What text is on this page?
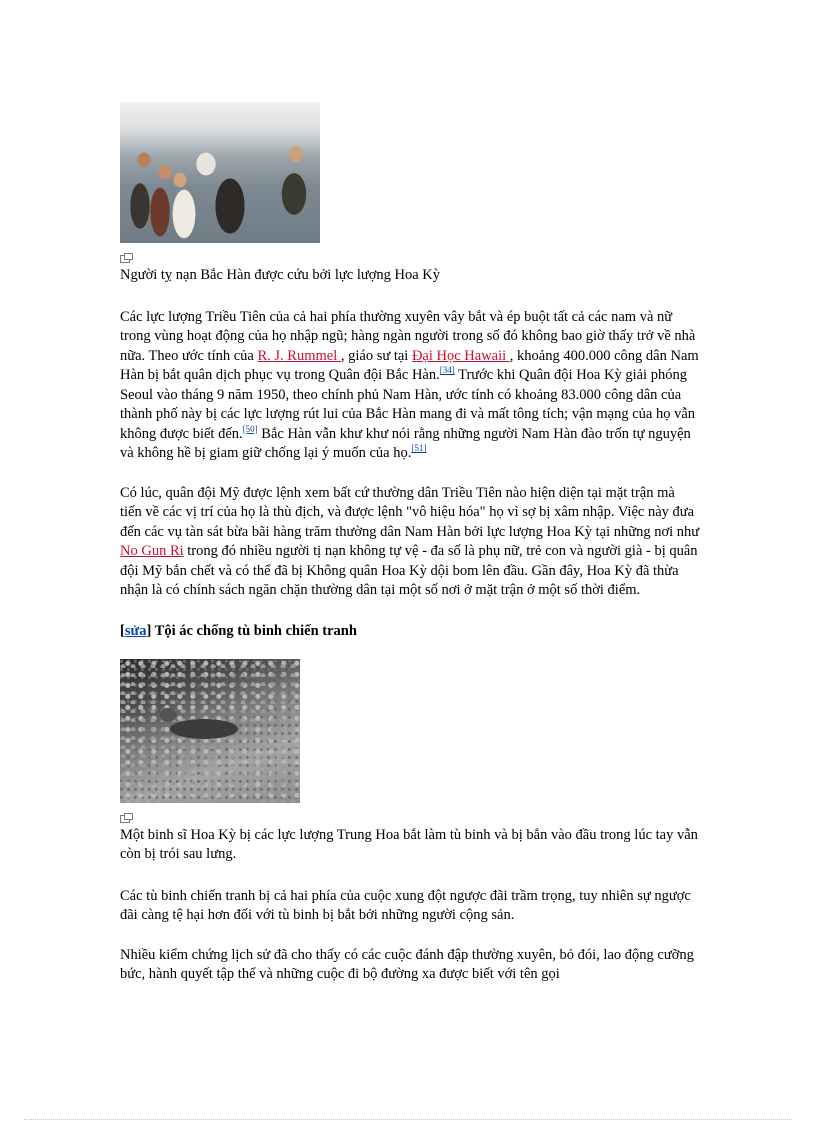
Người tỵ nạn Bắc Hàn được cứu bởi lực lượng Hoa Kỳ

Các lực lượng Triều Tiên của cả hai phía thường xuyên vây bắt và ép buột tất cả các nam và nữ trong vùng hoạt động của họ nhập ngũ; hàng ngàn người trong số đó không bao giờ thấy trở về nhà nữa. Theo ước tính của R. J. Rummel , giáo sư tại Đại Học Hawaii , khoảng 400.000 công dân Nam Hàn bị bắt quân dịch phục vụ trong Quân đội Bắc Hàn.[34] Trước khi Quân đội Hoa Kỳ giải phóng Seoul vào tháng 9 năm 1950, theo chính phủ Nam Hàn, ước tính có khoảng 83.000 công dân của thành phố này bị các lực lượng rút lui của Bắc Hàn mang đi và mất tông tích; vận mạng của họ vẫn không được biết đến.[50] Bắc Hàn vẫn khư khư nói rằng những người Nam Hàn đào trốn tự nguyện và không hề bị giam giữ chống lại ý muốn của họ.[51]

Có lúc, quân đội Mỹ được lệnh xem bất cứ thường dân Triều Tiên nào hiện diện tại mặt trận mà tiến về các vị trí của họ là thù địch, và được lệnh "vô hiệu hóa" họ vì sợ bị xâm nhập. Việc này đưa đến các vụ tàn sát bừa bãi hàng trăm thường dân Nam Hàn bởi lực lượng Hoa Kỳ tại những nơi như No Gun Ri trong đó nhiều người tị nạn không tự vệ - đa số là phụ nữ, trẻ con và người già - bị quân đội Mỹ bắn chết và có thể đã bị Không quân Hoa Kỳ dội bom lên đầu. Gần đây, Hoa Kỳ đã thừa nhận là có chính sách ngăn chặn thường dân tại một số nơi ở mặt trận ở một số thời điểm.

[sửa] Tội ác chống tù binh chiến tranh

Một binh sĩ Hoa Kỳ bị các lực lượng Trung Hoa bắt làm tù binh và bị bắn vào đầu trong lúc tay vẫn còn bị trói sau lưng.

Các tù binh chiến tranh bị cả hai phía của cuộc xung đột ngược đãi trầm trọng, tuy nhiên sự ngược đãi càng tệ hại hơn đối với tù binh bị bắt bởi những người cộng sản.

Nhiều kiểm chứng lịch sử đã cho thấy có các cuộc đánh đập thường xuyên, bỏ đói, lao động cưỡng bức, hành quyết tập thể và những cuộc đi bộ đường xa được biết với tên gọi
